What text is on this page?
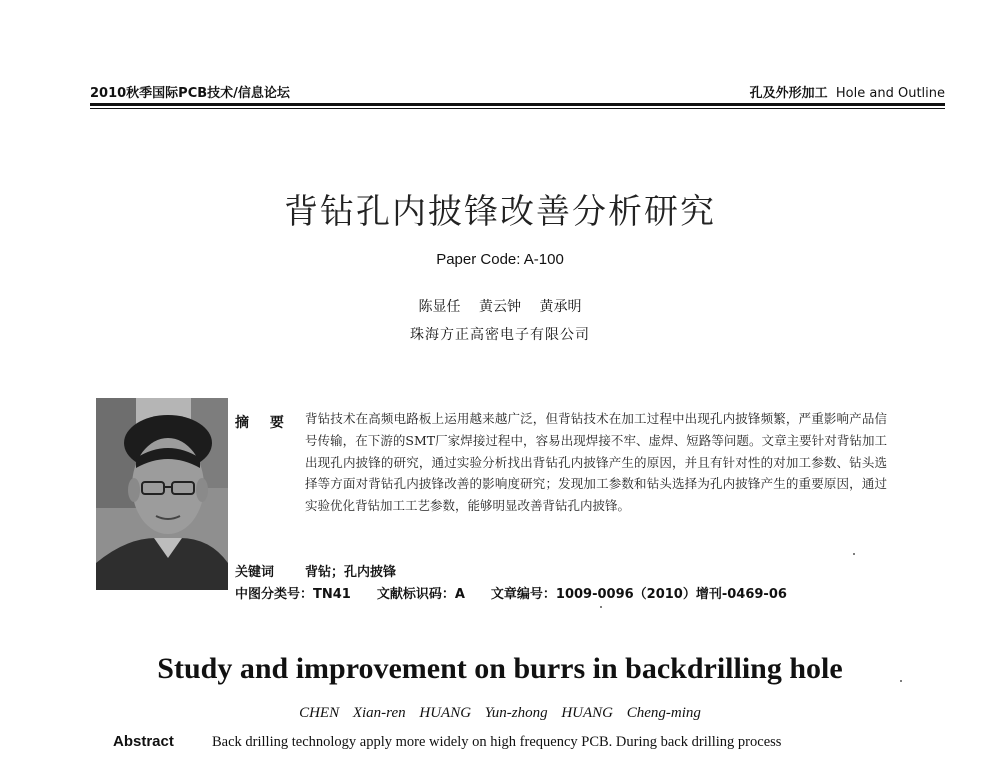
2010秋季国际PCB技术/信息论坛	孔及外形加工 Hole and Outline
背钻孔内披锋改善分析研究
Paper Code: A-100
陈显任 黄云钟 黄承明
珠海方正高密电子有限公司
摘 要 背钻技术在高频电路板上运用越来越广泛，但背钻技术在加工过程中出现孔内披锋频繁，严重影响产品信号传输，在下游的SMT厂家焊接过程中，容易出现焊接不牢、虚焊、短路等问题。文章主要针对背钻加工出现孔内披锋的研究，通过实验分析找出背钻孔内披锋产生的原因，并且有针对性的对加工参数、钻头选择等方面对背钻孔内披锋改善的影响度研究；发现加工参数和钻头选择为孔内披锋产生的重要原因，通过实验优化背钻加工工艺参数，能够明显改善背钻孔内披锋。
关键词 背钻；孔内披锋
中图分类号：TN41 文献标识码：A 文章编号：1009-0096（2010）增刊-0469-06
Study and improvement on burrs in backdrilling hole
CHEN Xian-ren HUANG Yun-zhong HUANG Cheng-ming
Abstract	Back drilling technology apply more widely on high frequency PCB. During back drilling process
